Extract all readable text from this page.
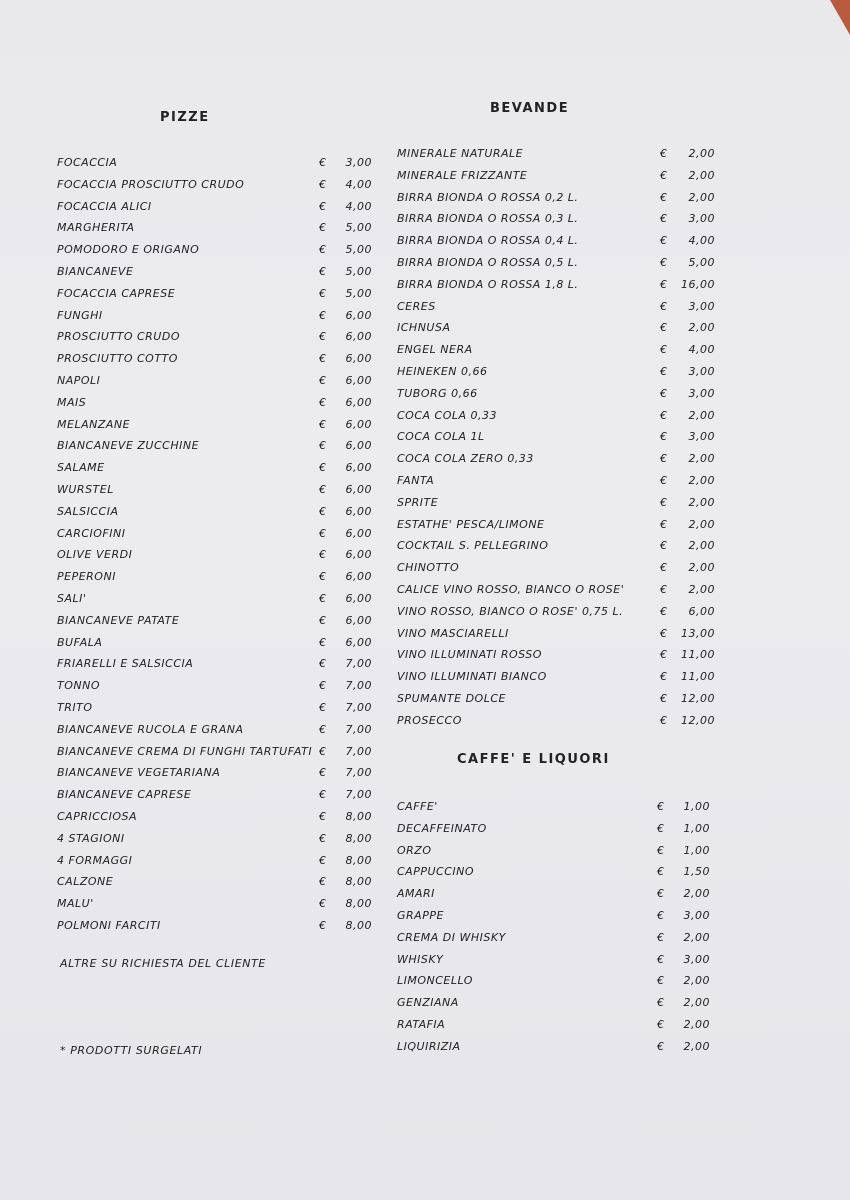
PIZZE
BEVANDE
CAFFE' E LIQUORI
FOCACCIA	€	3,00
FOCACCIA PROSCIUTTO CRUDO	€	4,00
FOCACCIA ALICI	€	4,00
MARGHERITA	€	5,00
POMODORO E ORIGANO	€	5,00
BIANCANEVE	€	5,00
FOCACCIA CAPRESE	€	5,00
FUNGHI	€	6,00
PROSCIUTTO CRUDO	€	6,00
PROSCIUTTO COTTO	€	6,00
NAPOLI	€	6,00
MAIS	€	6,00
MELANZANE	€	6,00
BIANCANEVE ZUCCHINE	€	6,00
SALAME	€	6,00
WURSTEL	€	6,00
SALSICCIA	€	6,00
CARCIOFINI	€	6,00
OLIVE VERDI	€	6,00
PEPERONI	€	6,00
SALI'	€	6,00
BIANCANEVE PATATE	€	6,00
BUFALA	€	6,00
FRIARELLI E SALSICCIA	€	7,00
TONNO	€	7,00
TRITO	€	7,00
BIANCANEVE RUCOLA E GRANA	€	7,00
BIANCANEVE CREMA DI FUNGHI TARTUFATI €	7,00
BIANCANEVE VEGETARIANA	€	7,00
BIANCANEVE CAPRESE	€	7,00
CAPRICCIOSA	€	8,00
4 STAGIONI	€	8,00
4 FORMAGGI	€	8,00
CALZONE	€	8,00
MALU'	€	8,00
POLMONI FARCITI	€	8,00
MINERALE NATURALE	€	2,00
MINERALE FRIZZANTE	€	2,00
BIRRA BIONDA O ROSSA 0,2 L.	€	2,00
BIRRA BIONDA O ROSSA 0,3 L.	€	3,00
BIRRA BIONDA O ROSSA 0,4 L.	€	4,00
BIRRA BIONDA O ROSSA 0,5 L.	€	5,00
BIRRA BIONDA O ROSSA 1,8 L.	€	16,00
CERES	€	3,00
ICHNUSA	€	2,00
ENGEL NERA	€	4,00
HEINEKEN 0,66	€	3,00
TUBORG 0,66	€	3,00
COCA COLA 0,33	€	2,00
COCA COLA 1L	€	3,00
COCA COLA ZERO 0,33	€	2,00
FANTA	€	2,00
SPRITE	€	2,00
ESTATHE' PESCA/LIMONE	€	2,00
COCKTAIL S. PELLEGRINO	€	2,00
CHINOTTO	€	2,00
CALICE VINO ROSSO, BIANCO O ROSE'	€	2,00
VINO ROSSO, BIANCO O ROSE' 0,75 L.	€	6,00
VINO MASCIARELLI	€	13,00
VINO ILLUMINATI ROSSO	€	11,00
VINO ILLUMINATI BIANCO	€	11,00
SPUMANTE DOLCE	€	12,00
PROSECCO	€	12,00
CAFFE'	€	1,00
DECAFFEINATO	€	1,00
ORZO	€	1,00
CAPPUCCINO	€	1,50
AMARI	€	2,00
GRAPPE	€	3,00
CREMA DI WHISKY	€	2,00
WHISKY	€	3,00
LIMONCELLO	€	2,00
GENZIANA	€	2,00
RATAFIA	€	2,00
LIQUIRIZIA	€	2,00
ALTRE SU RICHIESTA DEL CLIENTE
* PRODOTTI SURGELATI
